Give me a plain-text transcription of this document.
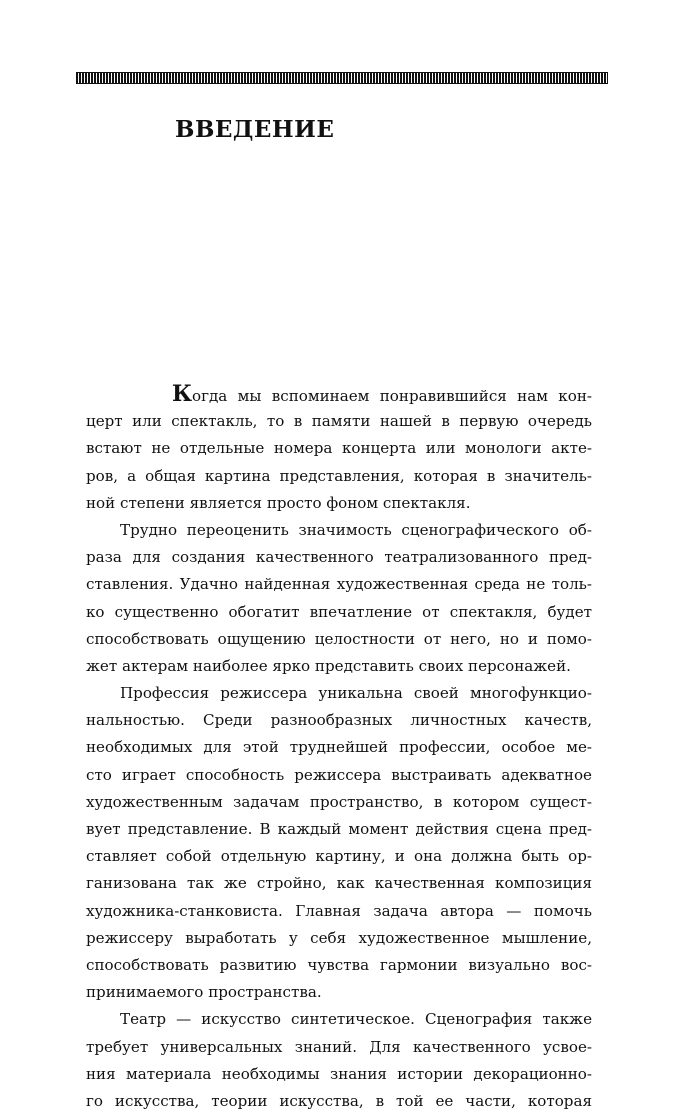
ВВЕДЕНИЕ
Когда мы вспоминаем понравившийся нам кон-
церт или спектакль, то в памяти нашей в первую очередь
встают не отдельные номера концерта или монологи акте-
ров, а общая картина представления, которая в значитель-
ной степени является просто фоном спектакля.
Трудно переоценить значимость сценографического об-
раза для создания качественного театрализованного пред-
ставления. Удачно найденная художественная среда не толь-
ко существенно обогатит впечатление от спектакля, будет
способствовать ощущению целостности от него, но и помо-
жет актерам наиболее ярко представить своих персонажей.
Профессия режиссера уникальна своей многофункцио-
нальностью. Среди разнообразных личностных качеств,
необходимых для этой труднейшей профессии, особое ме-
сто играет способность режиссера выстраивать адекватное
художественным задачам пространство, в котором сущест-
вует представление. В каждый момент действия сцена пред-
ставляет собой отдельную картину, и она должна быть ор-
ганизована так же стройно, как качественная композиция
художника-станковиста. Главная задача автора — помочь
режиссеру выработать у себя художественное мышление,
способствовать развитию чувства гармонии визуально вос-
принимаемого пространства.
Театр — искусство синтетическое. Сценография также
требует универсальных знаний. Для качественного усвое-
ния материала необходимы знания истории декорационно-
го искусства, теории искусства, в той ее части, которая
